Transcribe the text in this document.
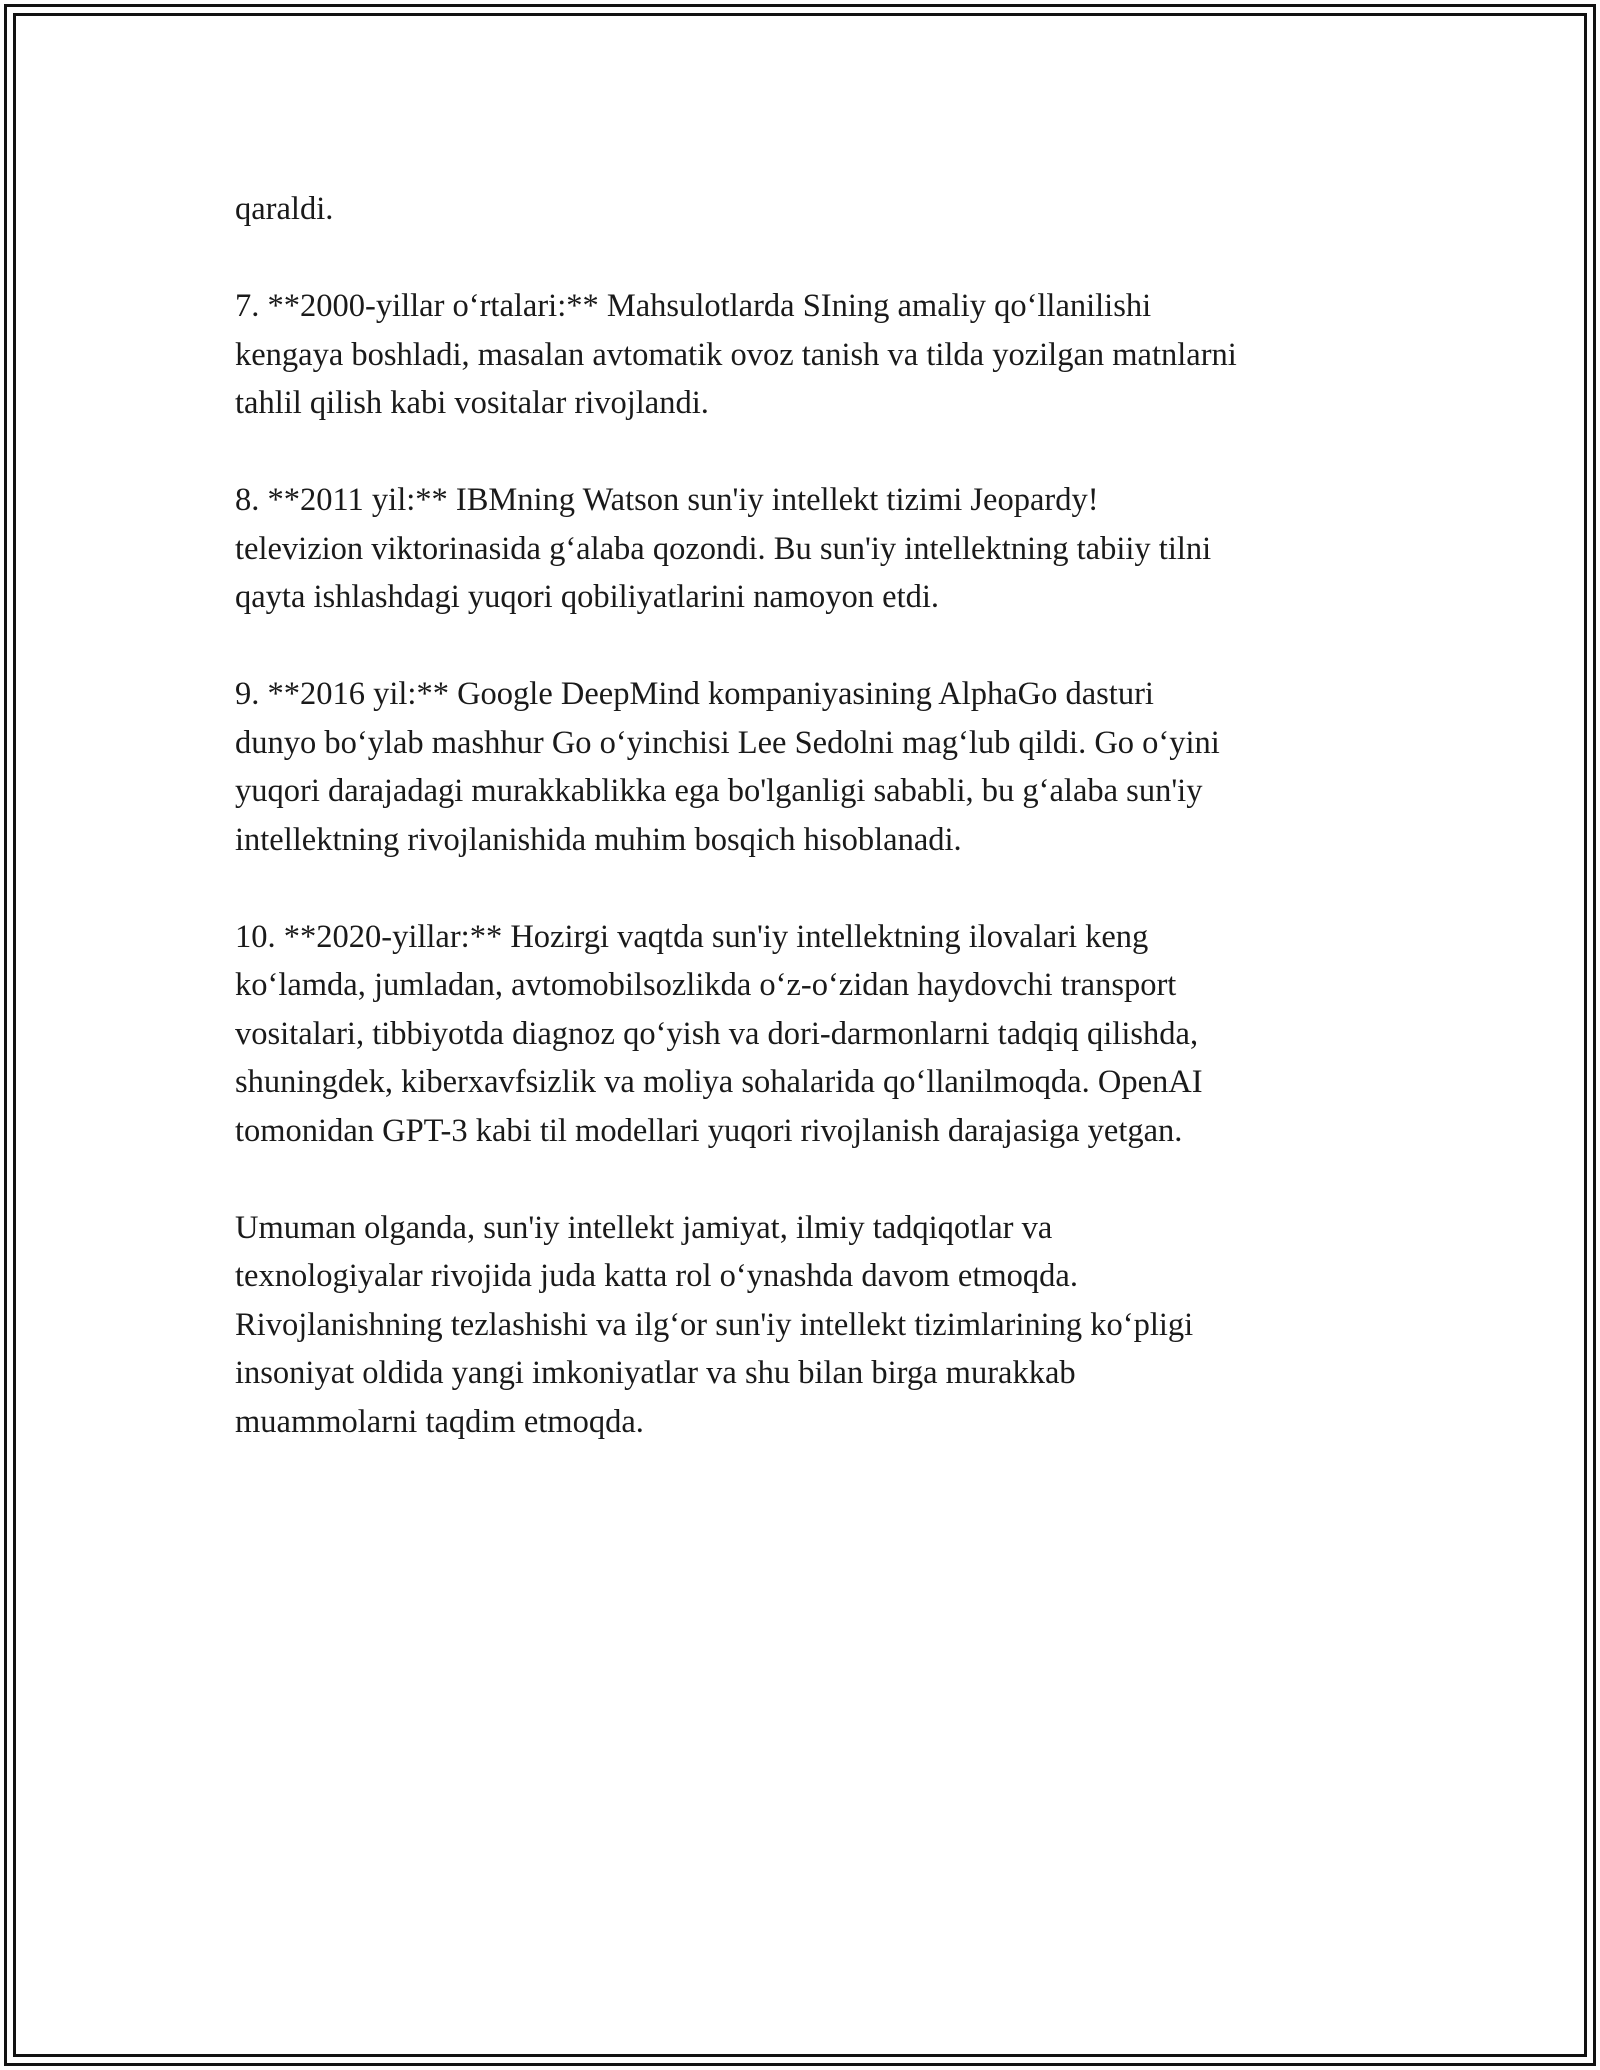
qaraldi.

7. **2000-yillar o‘rtalari:** Mahsulotlarda SIning amaliy qo‘llanilishi
kengaya boshladi, masalan avtomatik ovoz tanish va tilda yozilgan matnlarni
tahlil qilish kabi vositalar rivojlandi.

8. **2011 yil:** IBMning Watson sun'iy intellekt tizimi Jeopardy!
televizion viktorinasida g‘alaba qozondi. Bu sun'iy intellektning tabiiy tilni
qayta ishlashdagi yuqori qobiliyatlarini namoyon etdi.

9. **2016 yil:** Google DeepMind kompaniyasining AlphaGo dasturi
dunyo bo‘ylab mashhur Go o‘yinchisi Lee Sedolni mag‘lub qildi. Go o‘yini
yuqori darajadagi murakkablikka ega bo'lganligi sababli, bu g‘alaba sun'iy
intellektning rivojlanishida muhim bosqich hisoblanadi.

10. **2020-yillar:** Hozirgi vaqtda sun'iy intellektning ilovalari keng
ko‘lamda, jumladan, avtomobilsozlikda o‘z-o‘zidan haydovchi transport
vositalari, tibbiyotda diagnoz qo‘yish va dori-darmonlarni tadqiq qilishda,
shuningdek, kiberxavfsizlik va moliya sohalarida qo‘llanilmoqda. OpenAI
tomonidan GPT-3 kabi til modellari yuqori rivojlanish darajasiga yetgan.

Umuman olganda, sun'iy intellekt jamiyat, ilmiy tadqiqotlar va
texnologiyalar rivojida juda katta rol o‘ynashda davom etmoqda.
Rivojlanishning tezlashishi va ilg‘or sun'iy intellekt tizimlarining ko‘pligi
insoniyat oldida yangi imkoniyatlar va shu bilan birga murakkab
muammolarni taqdim etmoqda.
